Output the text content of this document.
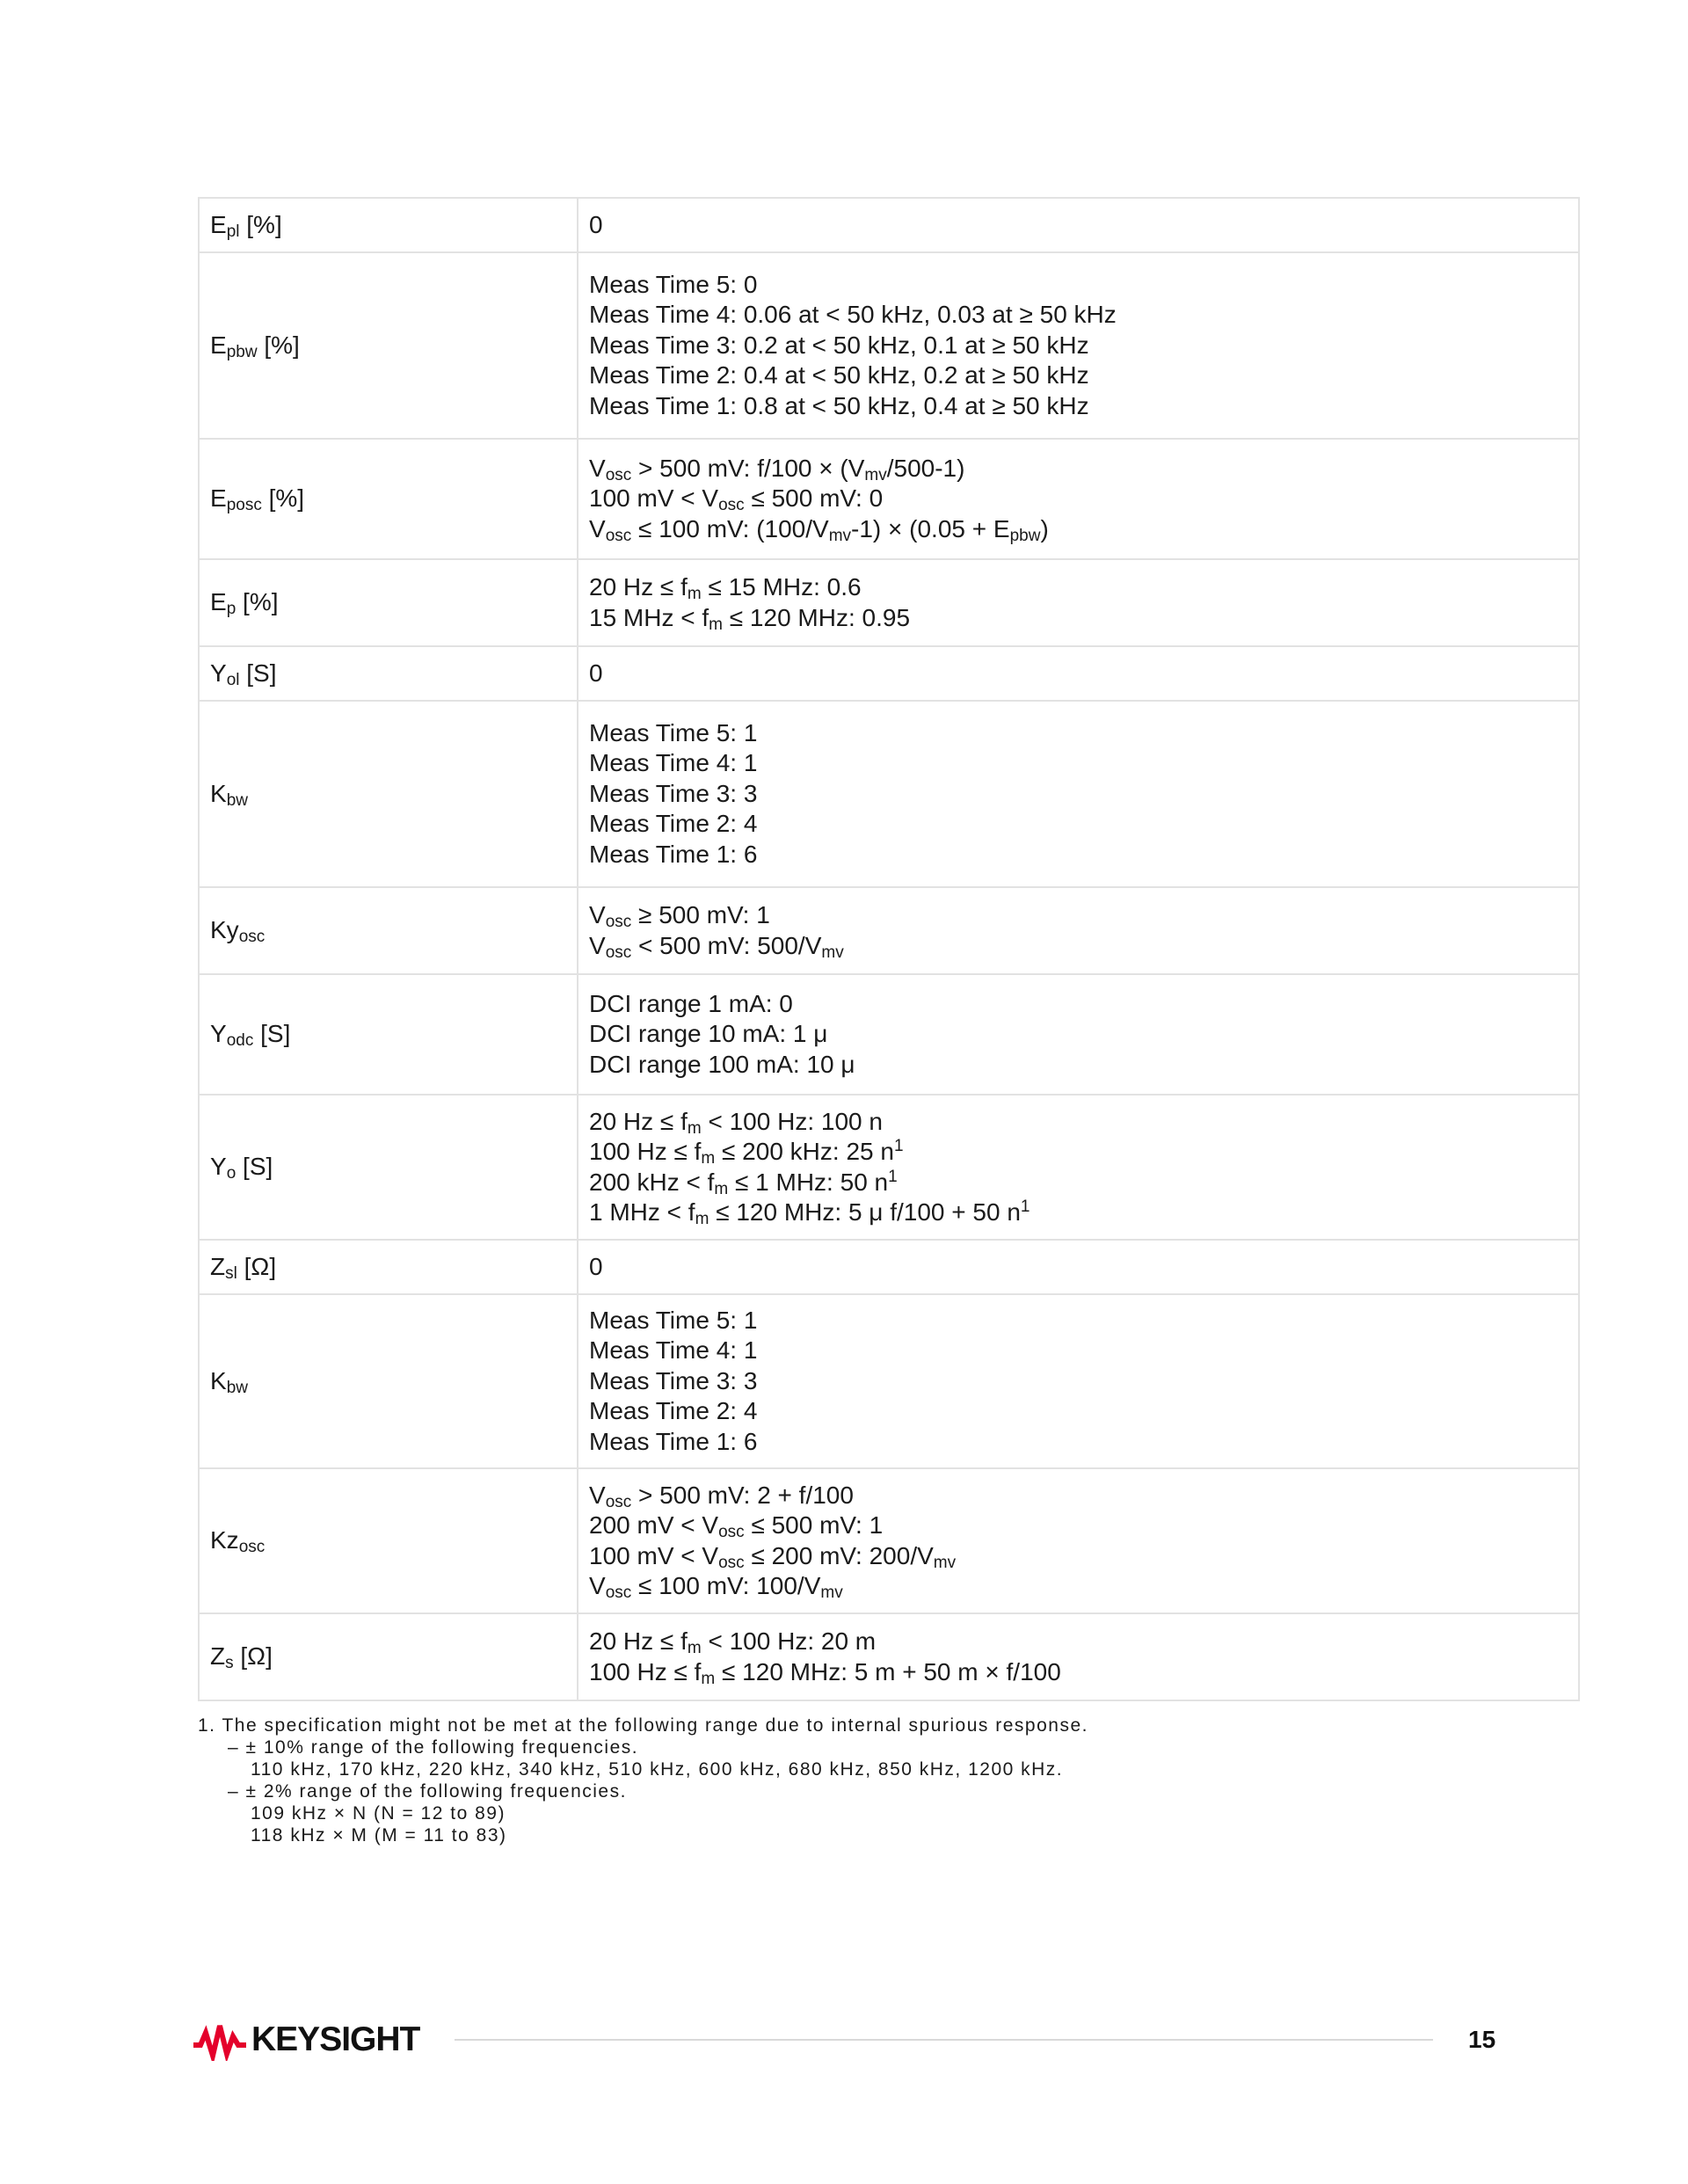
$E_{pl}$ [%]	0

$E_{pbw}$ [%]	Meas Time 5: 0
Meas Time 4: 0.06 at < 50 kHz, 0.03 at ≥ 50 kHz
Meas Time 3: 0.2 at < 50 kHz, 0.1 at ≥ 50 kHz
Meas Time 2: 0.4 at < 50 kHz, 0.2 at ≥ 50 kHz
Meas Time 1: 0.8 at < 50 kHz, 0.4 at ≥ 50 kHz

$E_{posc}$ [%]	$V_{osc} > 500$ mV: $f/100 \times (V_{mv}/500-1)$
100 mV < $V_{osc} \le 500$ mV: 0
$V_{osc} \le 100$ mV: $(100/V_{mv}-1) \times (0.05 + E_{pbw})$

$E_p$ [%]	20 $Hz \le f_m \le 15$ MHz: 0.6
15 MHz < $f_m \le 120$ MHz: 0.95

$Y_{ol}$ [S]	0

$K_{bw}$	Meas Time 5: 1
Meas Time 4: 1
Meas Time 3: 3
Meas Time 2: 4
Meas Time 1: 6

$Ky_{osc}$	$V_{osc} \ge 500$ mV: 1
$V_{osc} < 500$ mV: $500/V_{mv}$

$Y_{odc}$ [S]	DCI range 1 mA: 0
DCI range 10 mA: 1 μ
DCI range 100 mA: 10 μ

$Y_o$ [S]	20 $Hz \le f_m < 100$ Hz: 100 n
100 $Hz \le f_m \le 200$ kHz: 25 $n^1$
200 kHz < $f_m \le 1$ MHz: 50 $n^1$
1 MHz < $f_m \le 120$ MHz: 5 μ f/100 + 50 $n^1$

$Z_{sl}$ [Ω]	0

$K_{bw}$	Meas Time 5: 1
Meas Time 4: 1
Meas Time 3: 3
Meas Time 2: 4
Meas Time 1: 6

$Kz_{osc}$	$V_{osc} > 500$ mV: 2 + f/100
200 mV < $V_{osc} \le 500$ mV: 1
100 mV < $V_{osc} \le 200$ mV: $200/V_{mv}$
$V_{osc} \le 100$ mV: $100/V_{mv}$

$Z_s$ [Ω]	20 $Hz \le f_m < 100$ Hz: 20 m
100 $Hz \le f_m \le 120$ MHz: 5 m + 50 m × f/100
1. The specification might not be met at the following range due to internal spurious response.
– ± 10% range of the following frequencies.
110 kHz, 170 kHz, 220 kHz, 340 kHz, 510 kHz, 600 kHz, 680 kHz, 850 kHz, 1200 kHz.
– ± 2% range of the following frequencies.
109 kHz × N (N = 12 to 89)
118 kHz × M (M = 11 to 83)
KEYSIGHT	15
